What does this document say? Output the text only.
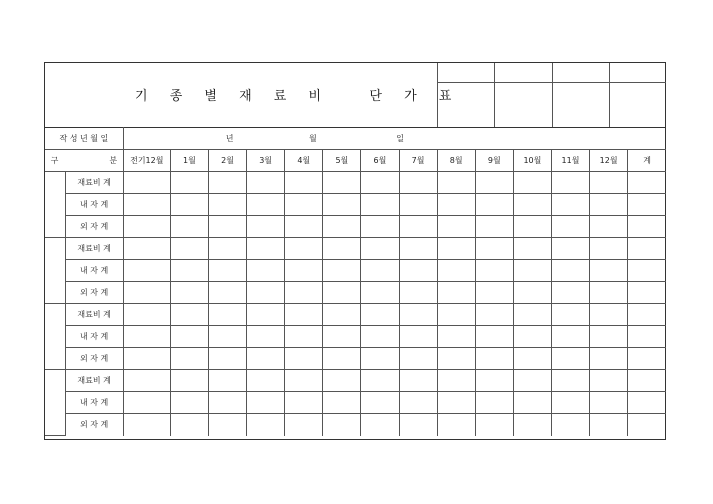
기 종 별 재 료 비   단 가 표
작 성 년 월 일		년 월 일													
구 분		전기12월	1월	2월	3월	4월	5월	6월	7월	8월	9월	10월	11월	12월	계
	재료비 계														
	내 자 계														
	외 자 계														
	재료비 계														
	내 자 계														
	외 자 계														
	재료비 계														
	내 자 계														
	외 자 계														
	재료비 계														
	내 자 계														
	외 자 계														
